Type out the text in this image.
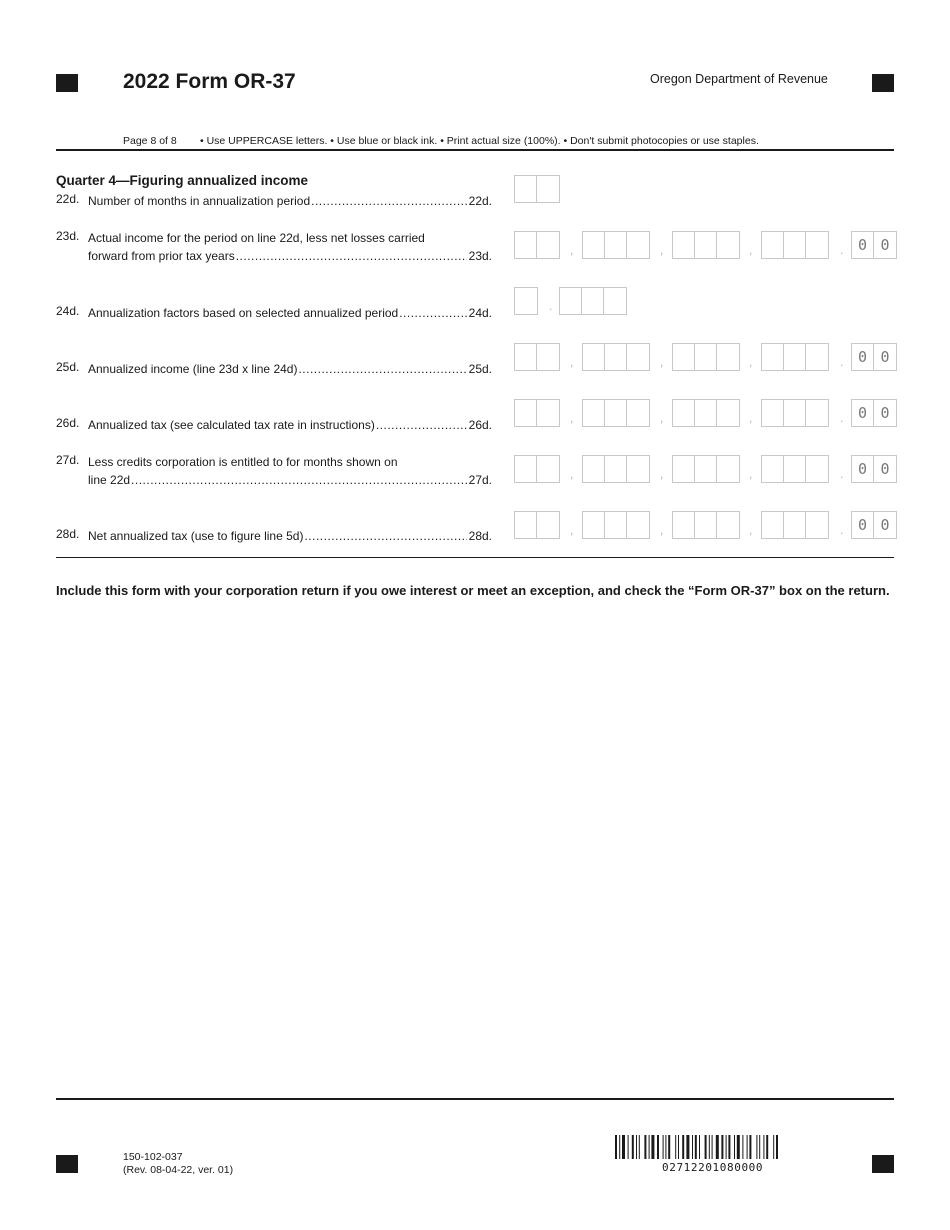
2022 Form OR-37	Oregon Department of Revenue
Page 8 of 8 • Use UPPERCASE letters. • Use blue or black ink. • Print actual size (100%). • Don't submit photocopies or use staples.
Quarter 4—Figuring annualized income
22d. Number of months in annualization period .....	22d.
23d. Actual income for the period on line 22d, less net losses carried
forward from prior tax years .....	23d.	,	,	,	. 0 0
24d. Annualization factors based on selected annualized period .....	24d.	.
25d. Annualized income (line 23d x line 24d) .....	25d.	,	,	,	. 0 0
26d. Annualized tax (see calculated tax rate in instructions) .....	26d.	,	,	,	. 0 0
27d. Less credits corporation is entitled to for months shown on
line 22d .....	27d.	,	,	,	. 0 0
28d. Net annualized tax (use to figure line 5d) .....	28d.	,	,	,	. 0 0
Include this form with your corporation return if you owe interest or meet an exception, and check the “Form OR-37” box on the return.
150-102-037
(Rev. 08-04-22, ver. 01)	02712201080000
